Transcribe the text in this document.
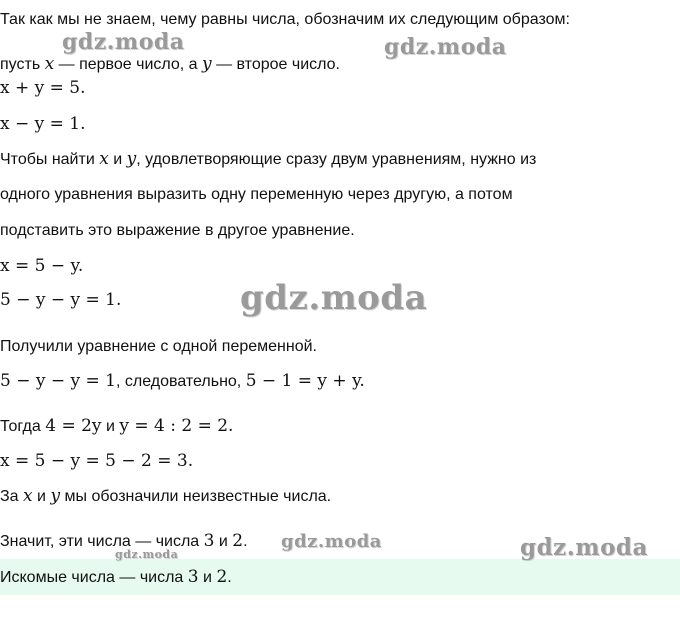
Так как мы не знаем, чему равны числа, обозначим их следующим образом:
пусть x — первое число, а y — второе число.
x + y = 5.
x − y = 1.
Чтобы найти x и y, удовлетворяющие сразу двум уравнениям, нужно из
одного уравнения выразить одну переменную через другую, а потом
подставить это выражение в другое уравнение.
x = 5 − y.
5 − y − y = 1.
Получили уравнение с одной переменной.
5 − y − y = 1, следовательно, 5 − 1 = y + y.
Тогда 4 = 2y и y = 4 : 2 = 2.
x = 5 − y = 5 − 2 = 3.
За x и y мы обозначили неизвестные числа.
Значит, эти числа — числа 3 и 2.
Искомые числа — числа 3 и 2.
gdz.moda	gdz.moda
gdz.moda
gdz.moda
gdz.moda	gdz.moda
